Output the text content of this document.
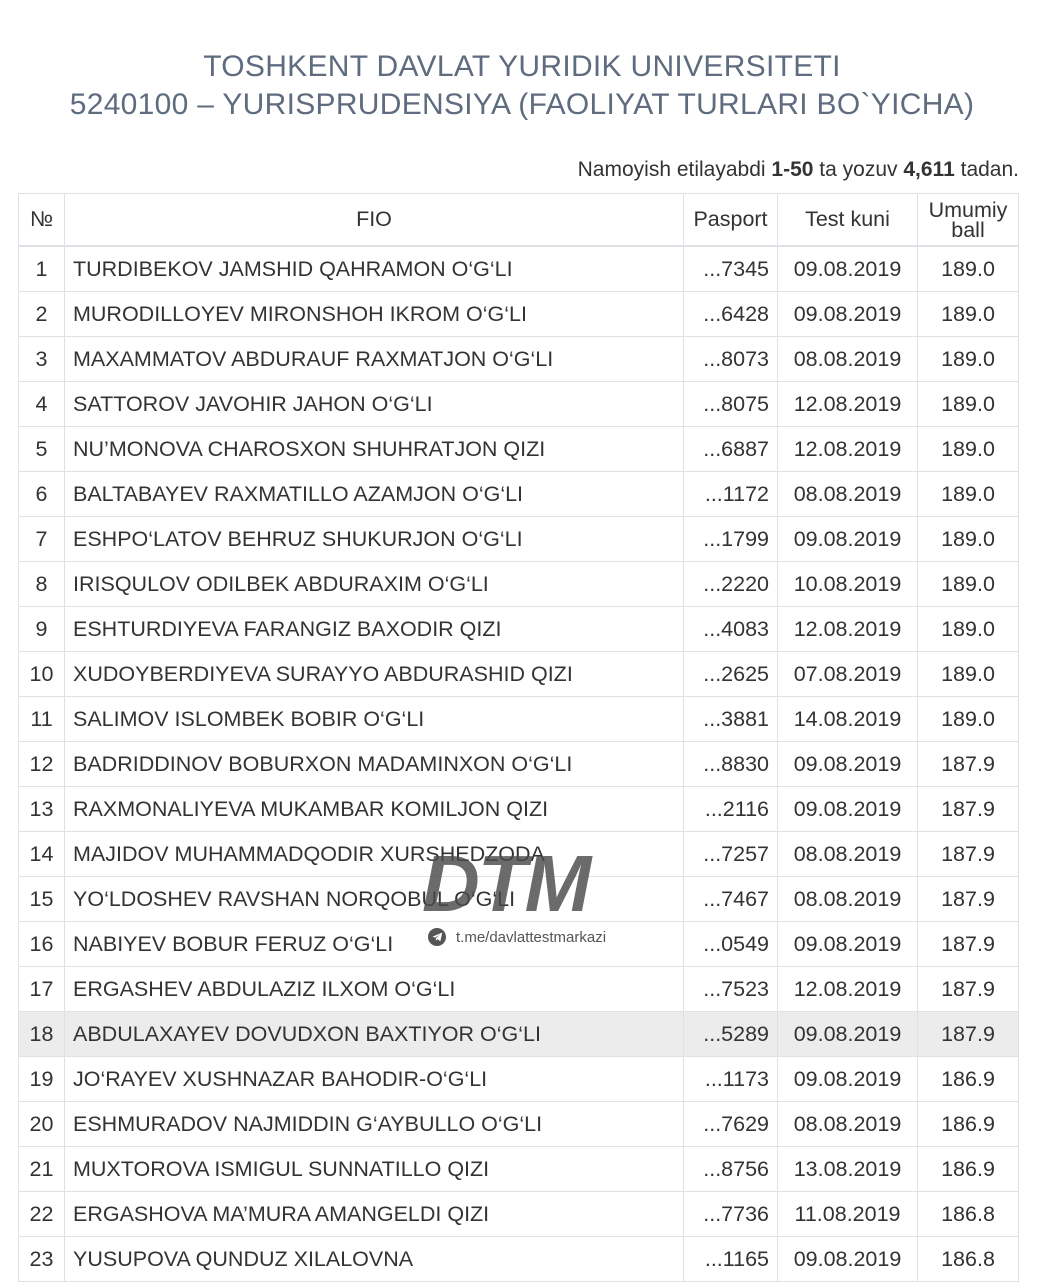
TOSHKENT DAVLAT YURIDIK UNIVERSITETI
5240100 – YURISPRUDENSIYA (FAOLIYAT TURLARI BO`YICHA)
Namoyish etilayabdi 1-50 ta yozuv 4,611 tadan.
№	FIO	Pasport	Test kuni	Umumiy
ball
1	TURDIBEKOV JAMSHID QAHRAMON O‘G‘LI	...7345	09.08.2019	189.0
2	MURODILLOYEV MIRONSHOH IKROM O‘G‘LI	...6428	09.08.2019	189.0
3	MAXAMMATOV ABDURAUF RAXMATJON O‘G‘LI	...8073	08.08.2019	189.0
4	SATTOROV JAVOHIR JAHON O‘G‘LI	...8075	12.08.2019	189.0
5	NU’MONOVA CHAROSXON SHUHRATJON QIZI	...6887	12.08.2019	189.0
6	BALTABAYEV RAXMATILLO AZAMJON O‘G‘LI	...1172	08.08.2019	189.0
7	ESHPO‘LATOV BEHRUZ SHUKURJON O‘G‘LI	...1799	09.08.2019	189.0
8	IRISQULOV ODILBEK ABDURAXIM O‘G‘LI	...2220	10.08.2019	189.0
9	ESHTURDIYEVA FARANGIZ BAXODIR QIZI	...4083	12.08.2019	189.0
10	XUDOYBERDIYEVA SURAYYO ABDURASHID QIZI	...2625	07.08.2019	189.0
11	SALIMOV ISLOMBEK BOBIR O‘G‘LI	...3881	14.08.2019	189.0
12	BADRIDDINOV BOBURXON MADAMINXON O‘G‘LI	...8830	09.08.2019	187.9
13	RAXMONALIYEVA MUKAMBAR KOMILJON QIZI	...2116	09.08.2019	187.9
14	MAJIDOV MUHAMMADQODIR XURSHEDZODA	...7257	08.08.2019	187.9
15	YO‘LDOSHEV RAVSHAN NORQOBUL O‘G‘LI	...7467	08.08.2019	187.9
16	NABIYEV BOBUR FERUZ O‘G‘LI	...0549	09.08.2019	187.9
17	ERGASHEV ABDULAZIZ ILXOM O‘G‘LI	...7523	12.08.2019	187.9
18	ABDULAXAYEV DOVUDXON BAXTIYOR O‘G‘LI	...5289	09.08.2019	187.9
19	JO‘RAYEV XUSHNAZAR BAHODIR-O‘G‘LI	...1173	09.08.2019	186.9
20	ESHMURADOV NAJMIDDIN G‘AYBULLO O‘G‘LI	...7629	08.08.2019	186.9
21	MUXTOROVA ISMIGUL SUNNATILLO QIZI	...8756	13.08.2019	186.9
22	ERGASHOVA MA’MURA AMANGELDI QIZI	...7736	11.08.2019	186.8
23	YUSUPOVA QUNDUZ XILALOVNA	...1165	09.08.2019	186.8
DTM
t.me/davlattestmarkazi
